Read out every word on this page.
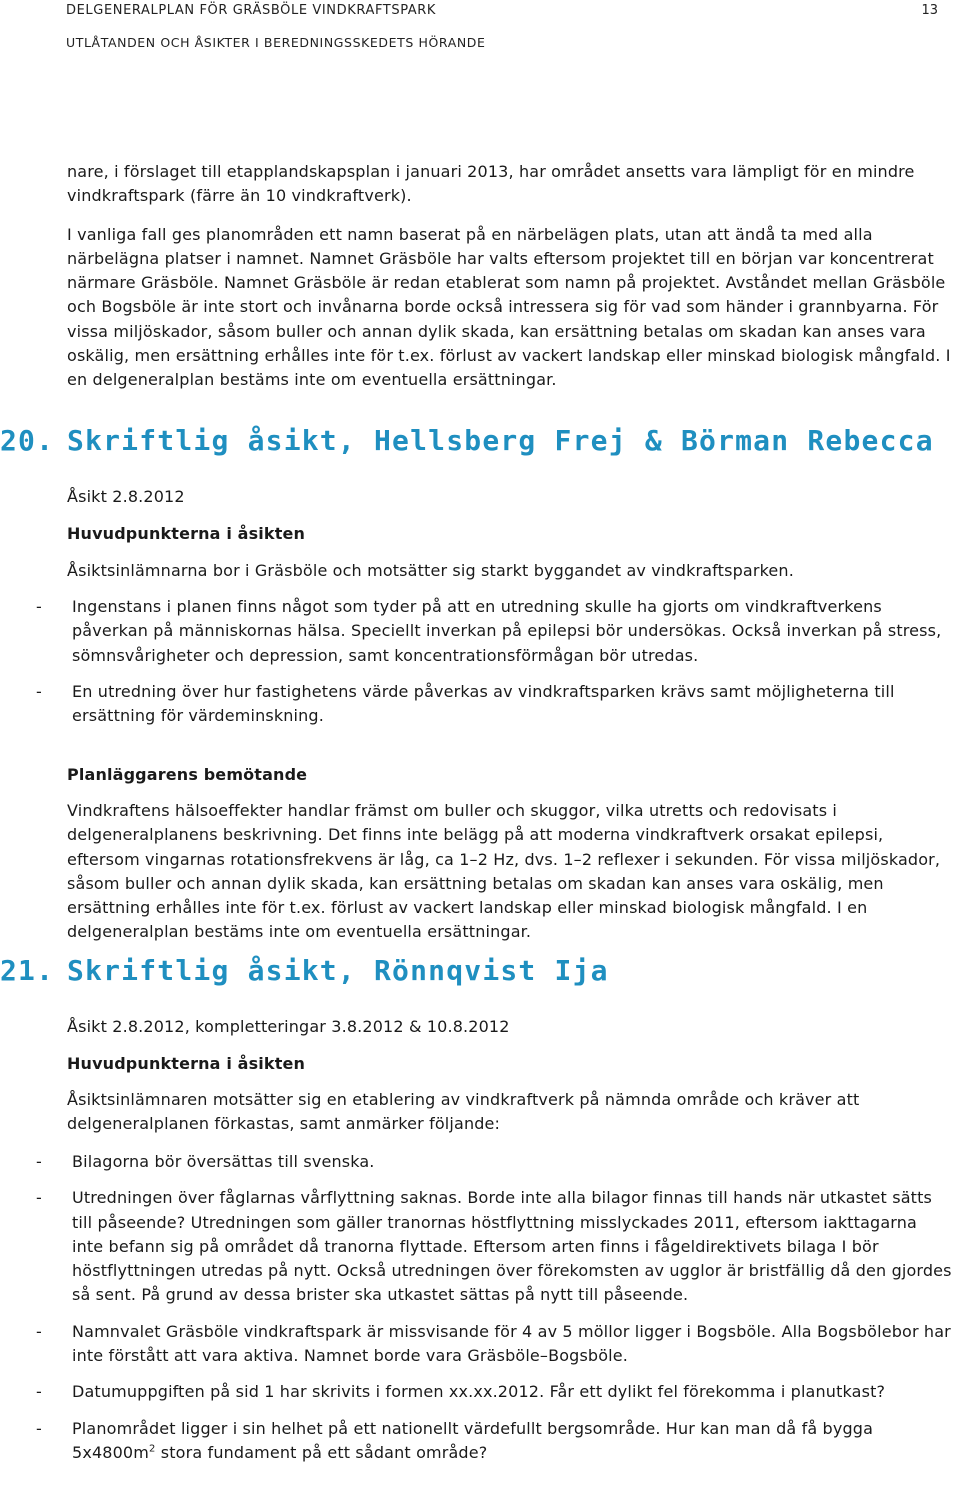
DELGENERALPLAN FÖR GRÄSBÖLE VINDKRAFTSPARK
UTLÅTANDEN OCH ÅSIKTER I BEREDNINGSSKEDETS HÖRANDE
13

nare, i förslaget till etapplandskapsplan i januari 2013, har området ansetts vara lämpligt för en mindre vindkraftspark (färre än 10 vindkraftverk).

I vanliga fall ges planområden ett namn baserat på en närbelägen plats, utan att ändå ta med alla närbelägna platser i namnet. Namnet Gräsböle har valts eftersom projektet till en början var koncentrerat närmare Gräsböle. Namnet Gräsböle är redan etablerat som namn på projektet. Avståndet mellan Gräsböle och Bogsböle är inte stort och invånarna borde också intressera sig för vad som händer i grannbyarna. För vissa miljöskador, såsom buller och annan dylik skada, kan ersättning betalas om skadan kan anses vara oskälig, men ersättning erhålles inte för t.ex. förlust av vackert landskap eller minskad biologisk mångfald. I en delgeneralplan bestäms inte om eventuella ersättningar.

20. Skriftlig åsikt, Hellsberg Frej & Börman Rebecca

Åsikt 2.8.2012

Huvudpunkterna i åsikten

Åsiktsinlämnarna bor i Gräsböle och motsätter sig starkt byggandet av vindkraftsparken.

- Ingenstans i planen finns något som tyder på att en utredning skulle ha gjorts om vindkraftverkens påverkan på människornas hälsa. Speciellt inverkan på epilepsi bör undersökas. Också inverkan på stress, sömnsvårigheter och depression, samt koncentrationsförmågan bör utredas.
- En utredning över hur fastighetens värde påverkas av vindkraftsparken krävs samt möjligheterna till ersättning för värdeminskning.

Planläggarens bemötande

Vindkraftens hälsoeffekter handlar främst om buller och skuggor, vilka utretts och redovisats i delgeneralplanens beskrivning. Det finns inte belägg på att moderna vindkraftverk orsakat epilepsi, eftersom vingarnas rotationsfrekvens är låg, ca 1–2 Hz, dvs. 1–2 reflexer i sekunden. För vissa miljöskador, såsom buller och annan dylik skada, kan ersättning betalas om skadan kan anses vara oskälig, men ersättning erhålles inte för t.ex. förlust av vackert landskap eller minskad biologisk mångfald. I en delgeneralplan bestäms inte om eventuella ersättningar.

21. Skriftlig åsikt, Rönnqvist Ija

Åsikt 2.8.2012, kompletteringar 3.8.2012 & 10.8.2012

Huvudpunkterna i åsikten

Åsiktsinlämnaren motsätter sig en etablering av vindkraftverk på nämnda område och kräver att delgeneralplanen förkastas, samt anmärker följande:

- Bilagorna bör översättas till svenska.
- Utredningen över fåglarnas vårflyttning saknas. Borde inte alla bilagor finnas till hands när utkastet sätts till påseende? Utredningen som gäller tranornas höstflyttning misslyckades 2011, eftersom iakttagarna inte befann sig på området då tranorna flyttade. Eftersom arten finns i fågeldirektivets bilaga I bör höstflyttningen utredas på nytt. Också utredningen över förekomsten av ugglor är bristfällig då den gjordes så sent. På grund av dessa brister ska utkastet sättas på nytt till påseende.
- Namnvalet Gräsböle vindkraftspark är missvisande för 4 av 5 möllor ligger i Bogsböle. Alla Bogsbölebor har inte förstått att vara aktiva. Namnet borde vara Gräsböle–Bogsböle.
- Datumuppgiften på sid 1 har skrivits i formen xx.xx.2012. Får ett dylikt fel förekomma i planutkast?
- Planområdet ligger i sin helhet på ett nationellt värdefullt bergsområde. Hur kan man då få bygga $5x4800m^2$ stora fundament på ett sådant område?
